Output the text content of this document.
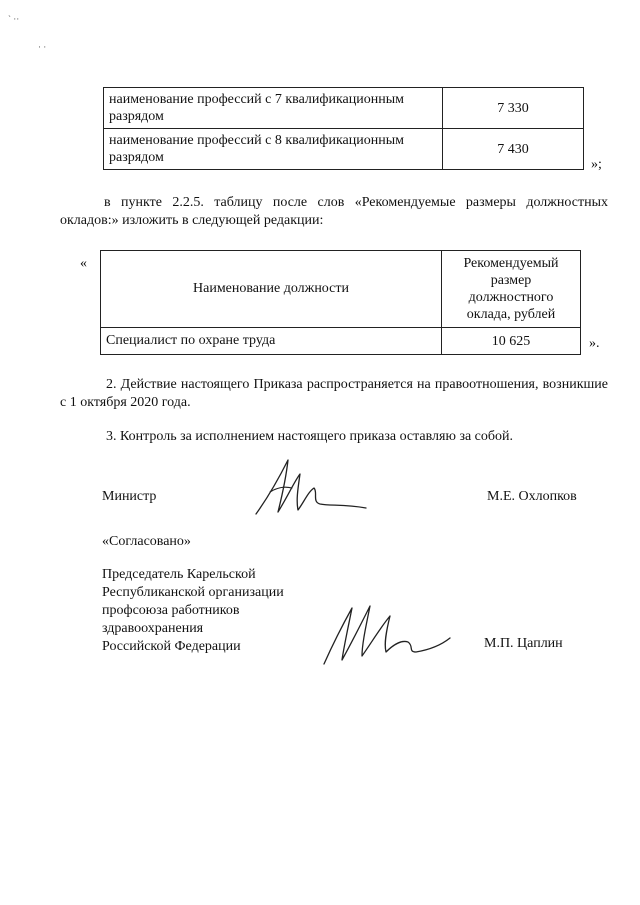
` ··
· ·
наименование профессий с 7 квалификационным разрядом	7 330
наименование профессий с 8 квалификационным разрядом	7 430
»;
в пункте 2.2.5. таблицу после слов «Рекомендуемые размеры должностных окладов:» изложить в следующей редакции:
«
Наименование должности	Рекомендуемый размер должностного оклада, рублей
Специалист по охране труда	10 625	».
2. Действие настоящего Приказа распространяется на правоотношения, возникшие с 1 октября 2020 года.
3. Контроль за исполнением настоящего приказа оставляю за собой.
Министр	М.Е. Охлопков
«Согласовано»
Председатель Карельской
Республиканской организации
профсоюза работников
здравоохранения
Российской Федерации	М.П. Цаплин
